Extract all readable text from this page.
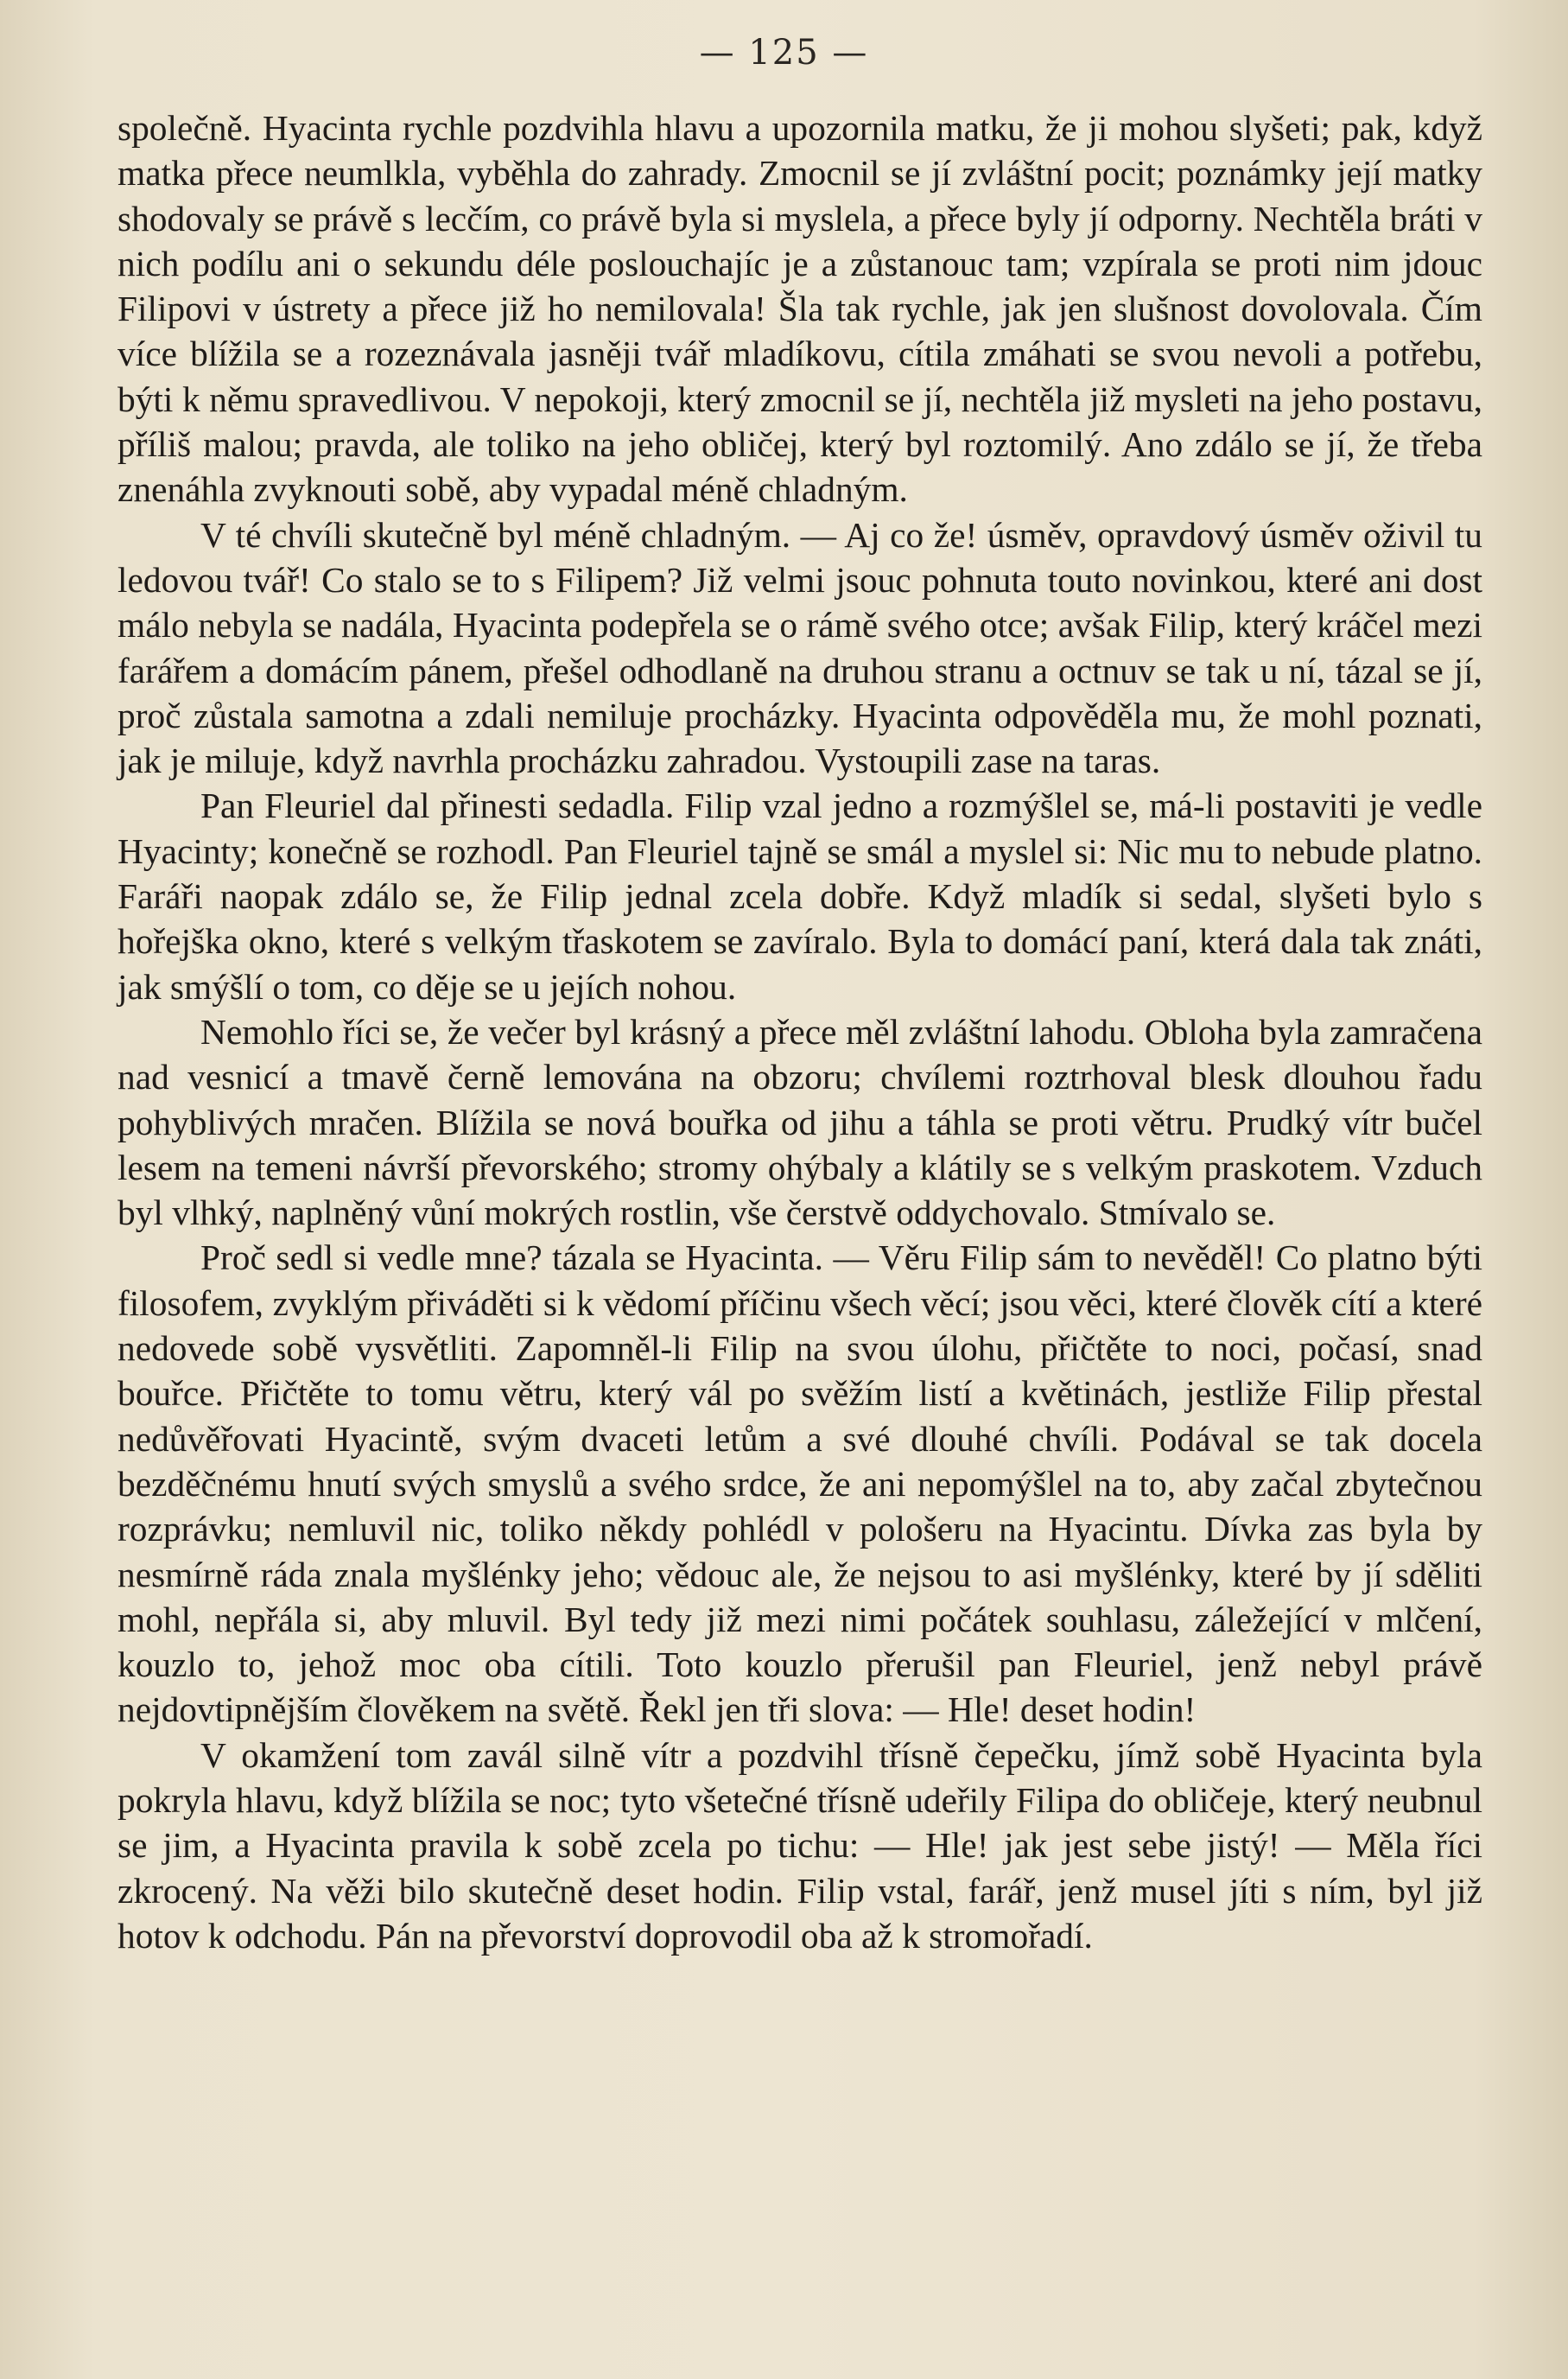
— 125 —

společně. Hyacinta rychle pozdvihla hlavu a upozornila matku, že ji mohou slyšeti; pak, když matka přece neumlkla, vyběhla do zahrady. Zmocnil se jí zvláštní pocit; poznámky její matky shodovaly se právě s lecčím, co právě byla si myslela, a přece byly jí odporny. Nechtěla bráti v nich podílu ani o sekundu déle poslouchajíc je a zůstanouc tam; vzpírala se proti nim jdouc Filipovi v ústrety a přece již ho nemilovala! Šla tak rychle, jak jen slušnost dovolovala. Čím více blížila se a rozeznávala jasněji tvář mladíkovu, cítila zmáhati se svou nevoli a potřebu, býti k němu spravedlivou. V nepokoji, který zmocnil se jí, nechtěla již mysleti na jeho postavu, příliš malou; pravda, ale toliko na jeho obličej, který byl roztomilý. Ano zdálo se jí, že třeba znenáhla zvyknouti sobě, aby vypadal méně chladným.

V té chvíli skutečně byl méně chladným. — Aj co že! úsměv, opravdový úsměv oživil tu ledovou tvář! Co stalo se to s Filipem? Již velmi jsouc pohnuta touto novinkou, které ani dost málo nebyla se nadála, Hyacinta podepřela se o rámě svého otce; avšak Filip, který kráčel mezi farářem a domácím pánem, přešel odhodlaně na druhou stranu a octnuv se tak u ní, tázal se jí, proč zůstala samotna a zdali nemiluje procházky. Hyacinta odpověděla mu, že mohl poznati, jak je miluje, když navrhla procházku zahradou. Vystoupili zase na taras.

Pan Fleuriel dal přinesti sedadla. Filip vzal jedno a rozmýšlel se, má-li postaviti je vedle Hyacinty; konečně se rozhodl. Pan Fleuriel tajně se smál a myslel si: Nic mu to nebude platno. Faráři naopak zdálo se, že Filip jednal zcela dobře. Když mladík si sedal, slyšeti bylo s hořejška okno, které s velkým třaskotem se zavíralo. Byla to domácí paní, která dala tak znáti, jak smýšlí o tom, co děje se u jejích nohou.

Nemohlo říci se, že večer byl krásný a přece měl zvláštní lahodu. Obloha byla zamračena nad vesnicí a tmavě černě lemována na obzoru; chvílemi roztrhoval blesk dlouhou řadu pohyblivých mračen. Blížila se nová bouřka od jihu a táhla se proti větru. Prudký vítr bučel lesem na temeni návrší převorského; stromy ohýbaly a klátily se s velkým praskotem. Vzduch byl vlhký, naplněný vůní mokrých rostlin, vše čerstvě oddychovalo. Stmívalo se.

Proč sedl si vedle mne? tázala se Hyacinta. — Věru Filip sám to nevěděl! Co platno býti filosofem, zvyklým přiváděti si k vědomí příčinu všech věcí; jsou věci, které člověk cítí a které nedovede sobě vysvětliti. Zapomněl-li Filip na svou úlohu, přičtěte to noci, počasí, snad bouřce. Přičtěte to tomu větru, který vál po svěžím listí a květinách, jestliže Filip přestal nedůvěřovati Hyacintě, svým dvaceti letům a své dlouhé chvíli. Podával se tak docela bezděčnému hnutí svých smyslů a svého srdce, že ani nepomýšlel na to, aby začal zbytečnou rozprávku; nemluvil nic, toliko někdy pohlédl v pološeru na Hyacintu. Dívka zas byla by nesmírně ráda znala myšlénky jeho; vědouc ale, že nejsou to asi myšlénky, které by jí sděliti mohl, nepřála si, aby mluvil. Byl tedy již mezi nimi počátek souhlasu, záležející v mlčení, kouzlo to, jehož moc oba cítili. Toto kouzlo přerušil pan Fleuriel, jenž nebyl právě nejdovtipnějším člověkem na světě. Řekl jen tři slova: — Hle! deset hodin!

V okamžení tom zavál silně vítr a pozdvihl třísně čepečku, jímž sobě Hyacinta byla pokryla hlavu, když blížila se noc; tyto všetečné třísně udeřily Filipa do obličeje, který neubnul se jim, a Hyacinta pravila k sobě zcela po tichu: — Hle! jak jest sebe jistý! — Měla říci zkrocený. Na věži bilo skutečně deset hodin. Filip vstal, farář, jenž musel jíti s ním, byl již hotov k odchodu. Pán na převorství doprovodil oba až k stromořadí.
